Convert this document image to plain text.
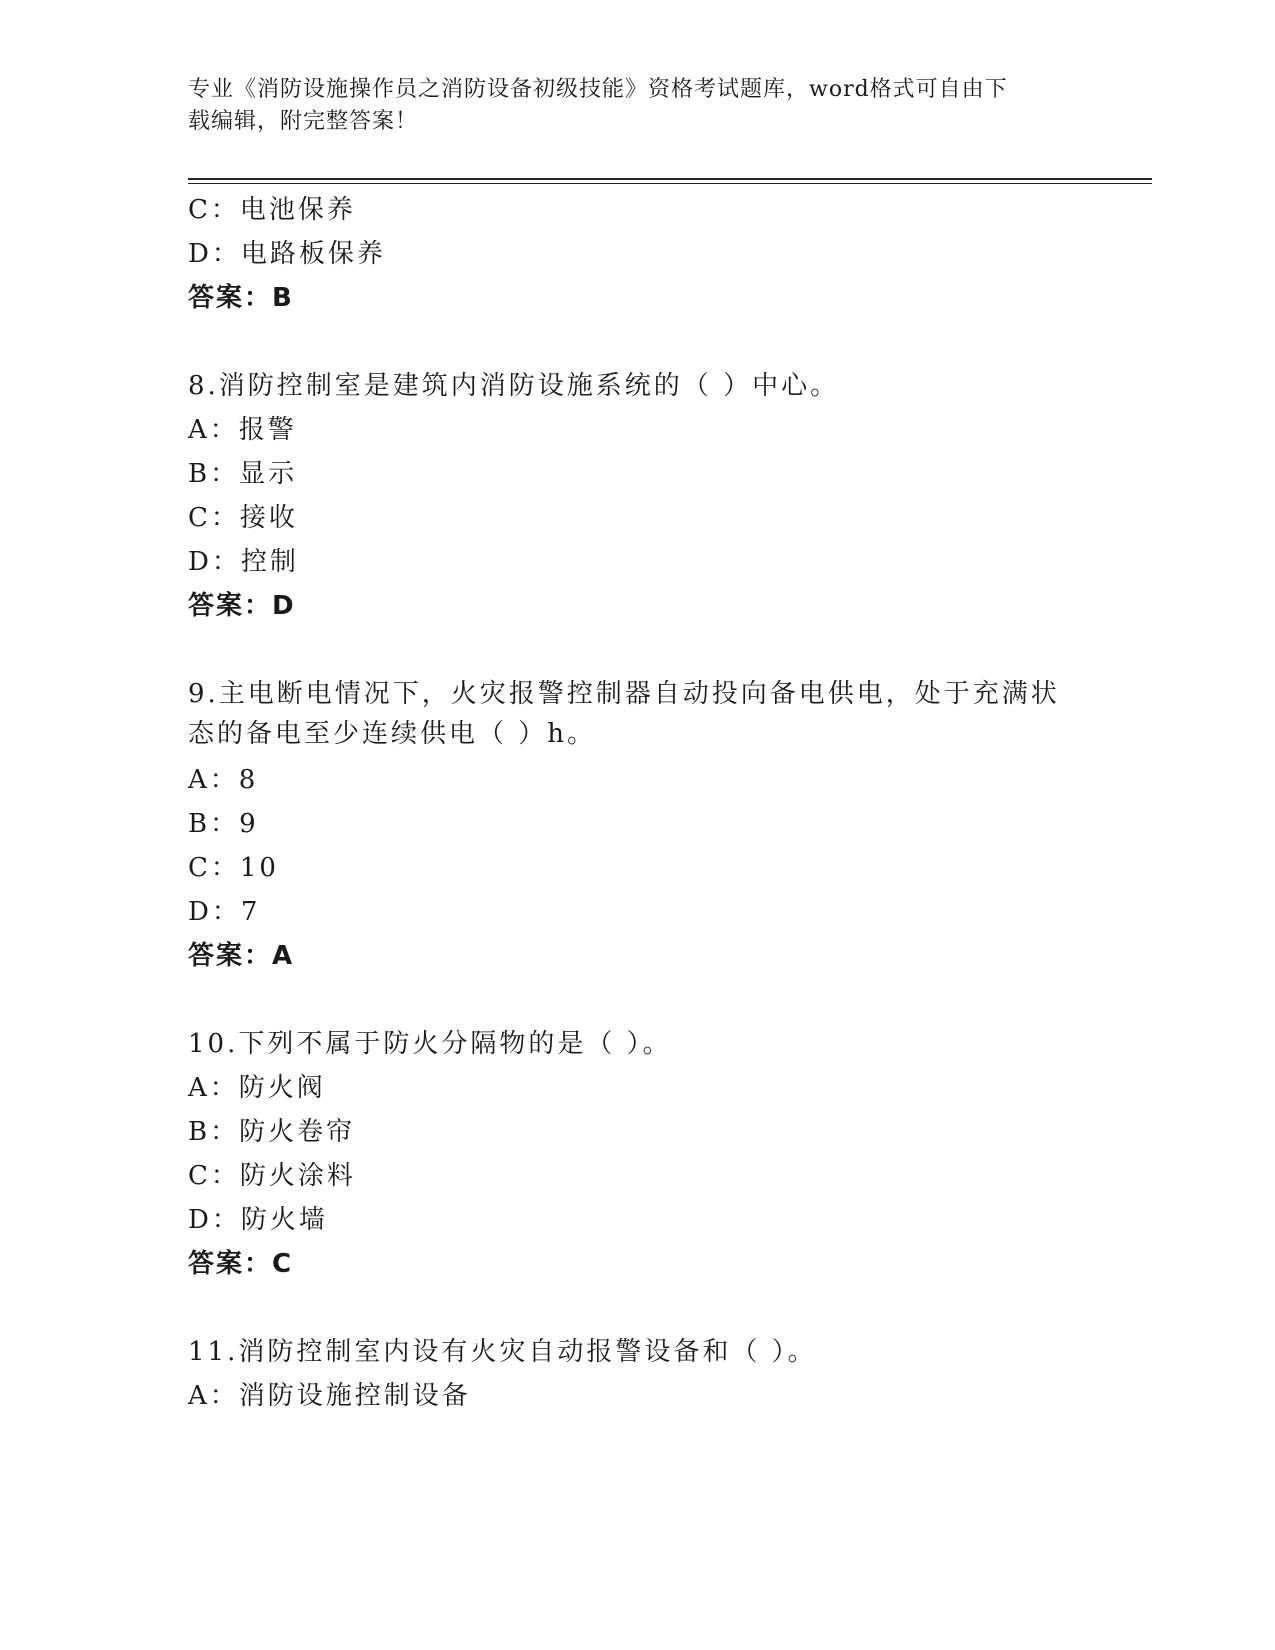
专业《消防设施操作员之消防设备初级技能》资格考试题库，word格式可自由下
载编辑，附完整答案！
C：电池保养
D：电路板保养
答案：B
8.消防控制室是建筑内消防设施系统的（ ）中心。
A：报警
B：显示
C：接收
D：控制
答案：D
9.主电断电情况下，火灾报警控制器自动投向备电供电，处于充满状
态的备电至少连续供电（ ）h。
A：8
B：9
C：10
D：7
答案：A
10.下列不属于防火分隔物的是（ ）。
A：防火阀
B：防火卷帘
C：防火涂料
D：防火墙
答案：C
11.消防控制室内设有火灾自动报警设备和（ ）。
A：消防设施控制设备
